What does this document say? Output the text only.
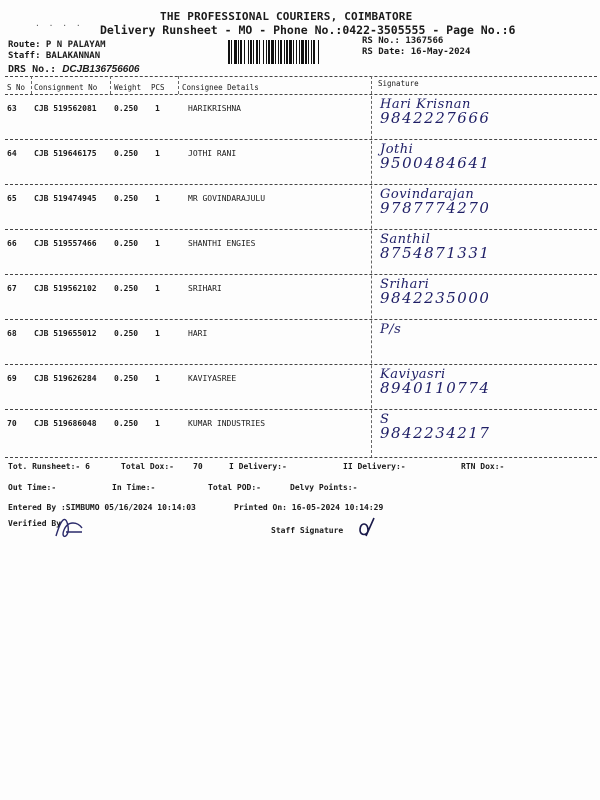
THE PROFESSIONAL COURIERS, COIMBATORE
· · · · Delivery Runsheet - MO - Phone No.:0422-3505555 - Page No.:6
Route: P N PALAYAM
Staff: BALAKANNAN
RS No.: 1367566
RS Date: 16-May-2024
DRS No.: DCJB136756606
S No Consignment No Weight PCS Consignee Details	Signature
63 CJB 519562081 0.250 1	HARIKRISHNA	Hari Krisnan
9842227666
64 CJB 519646175 0.250 1	JOTHI RANI	Jothi
9500484641
65 CJB 519474945 0.250 1	MR GOVINDARAJULU	Govindarajan
9787774270
66 CJB 519557466 0.250 1	SHANTHI ENGIES	Santhil
8754871331
67 CJB 519562102 0.250 1	SRIHARI	Srihari
9842235000
68 CJB 519655012 0.250 1	HARI	P/s
69 CJB 519626284 0.250 1	KAVIYASREE	Kaviyasri
8940110774
70 CJB 519686048 0.250 1	KUMAR INDUSTRIES	S
9842234217
Tot. Runsheet:- 6	Total Dox:- 70	I Delivery:-	II Delivery:-	RTN Dox:-
Out Time:-	In Time:-	Total POD:-	Delvy Points:-
Entered By :SIMBUMO 05/16/2024 10:14:03	Printed On: 16-05-2024 10:14:29
Verified By
Staff Signature
